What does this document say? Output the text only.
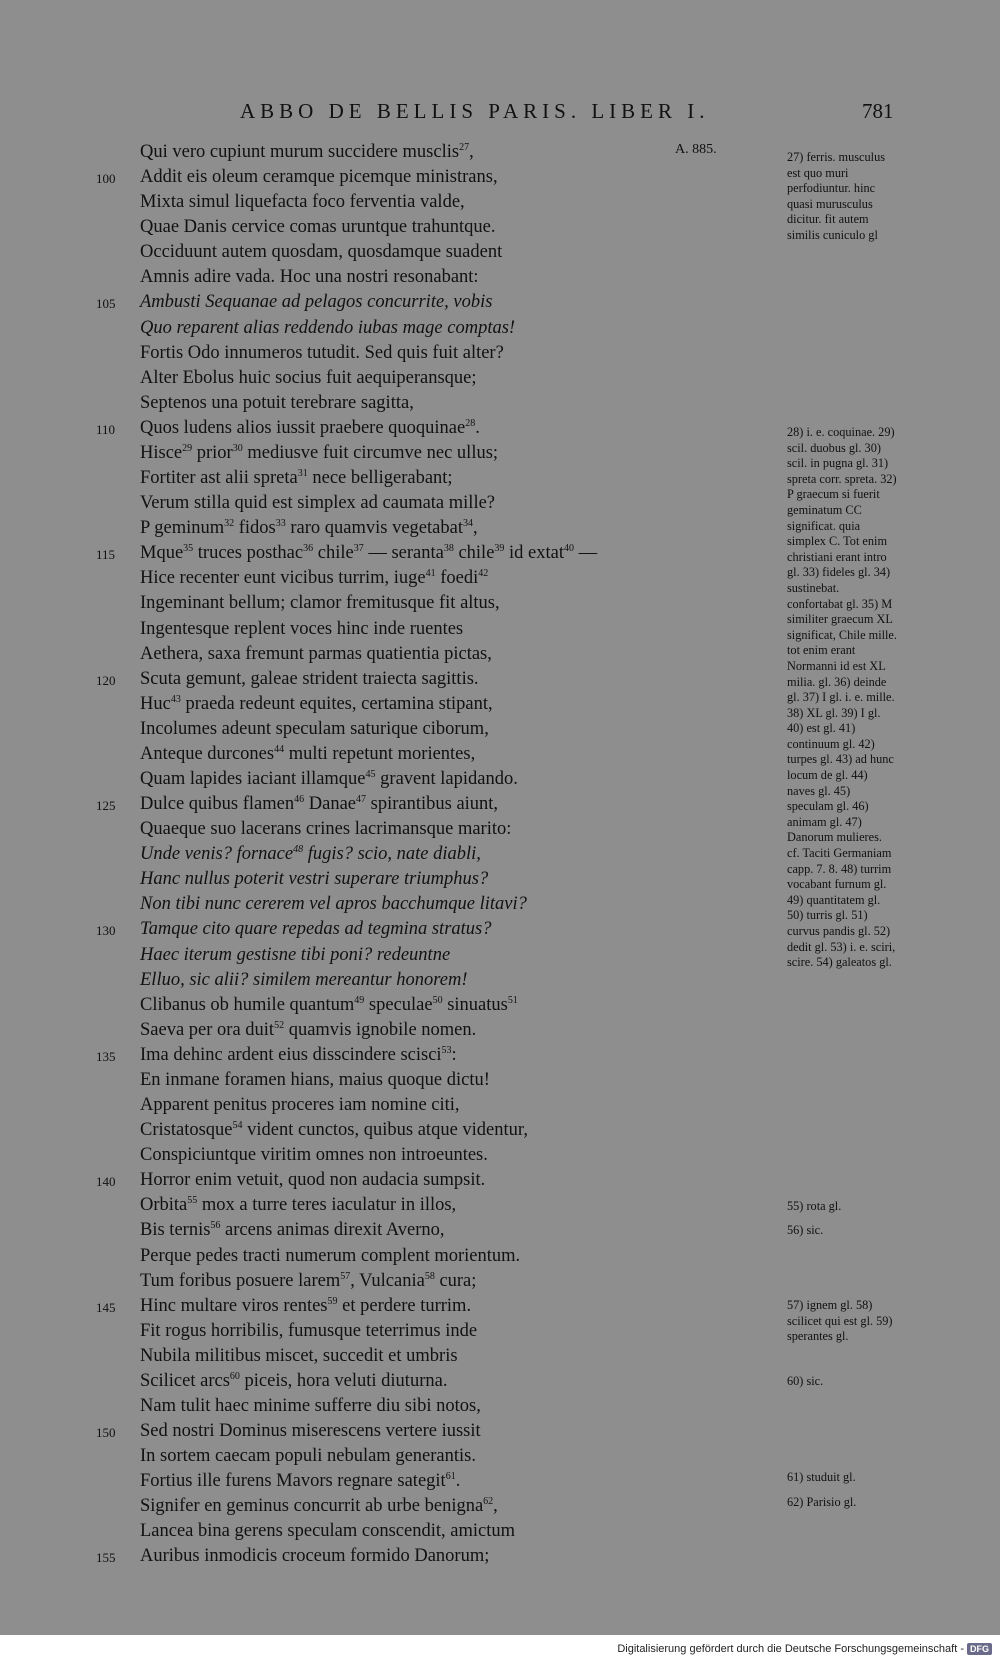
ABBO DE BELLIS PARIS. LIBER I.	781
A. 885.
Qui vero cupiunt murum succidere musclis$^{27}$,
100	Addit eis oleum ceramque picemque ministrans,
Mixta simul liquefacta foco ferventia valde,
Quae Danis cervice comas uruntque trahuntque.
Occiduunt autem quosdam, quosdamque suadent
Amnis adire vada. Hoc una nostri resonabant:
105	Ambusti Sequanae ad pelagos concurrite, vobis
Quo reparent alias reddendo iubas mage comptas!
Fortis Odo innumeros tutudit. Sed quis fuit alter?
Alter Ebolus huic socius fuit aequiperansque;
Septenos una potuit terebrare sagitta,
110	Quos ludens alios iussit praebere quoquinae$^{28}$.
Hisce$^{29}$ prior$^{30}$ mediusve fuit circumve nec ullus;
Fortiter ast alii spreta$^{31}$ nece belligerabant;
Verum stilla quid est simplex ad caumata mille?
P geminum$^{32}$ fidos$^{33}$ raro quamvis vegetabat$^{34}$,
115	Mque$^{35}$ truces posthac$^{36}$ chile$^{37}$ — seranta$^{38}$ chile$^{39}$ id extat$^{40}$ —
Hice recenter eunt vicibus turrim, iuge$^{41}$ foedi$^{42}$
Ingeminant bellum; clamor fremitusque fit altus,
Ingentesque replent voces hinc inde ruentes
Aethera, saxa fremunt parmas quatientia pictas,
120	Scuta gemunt, galeae strident traiecta sagittis.
Huc$^{43}$ praeda redeunt equites, certamina stipant,
Incolumes adeunt speculam saturique ciborum,
Anteque durcones$^{44}$ multi repetunt morientes,
Quam lapides iaciant illamque$^{45}$ gravent lapidando.
125	Dulce quibus flamen$^{46}$ Danae$^{47}$ spirantibus aiunt,
Quaeque suo lacerans crines lacrimansque marito:
Unde venis? fornace$^{48}$ fugis? scio, nate diabli,
Hanc nullus poterit vestri superare triumphus?
Non tibi nunc cererem vel apros bacchumque litavi?
130	Tamque cito quare repedas ad tegmina stratus?
Haec iterum gestisne tibi poni? redeuntne
Elluo, sic alii? similem mereantur honorem!
Clibanus ob humile quantum$^{49}$ speculae$^{50}$ sinuatus$^{51}$
Saeva per ora duit$^{52}$ quamvis ignobile nomen.
135	Ima dehinc ardent eius disscindere scisci$^{53}$:
En inmane foramen hians, maius quoque dictu!
Apparent penitus proceres iam nomine citi,
Cristatosque$^{54}$ vident cunctos, quibus atque videntur,
Conspiciuntque viritim omnes non introeuntes.
140	Horror enim vetuit, quod non audacia sumpsit.
Orbita$^{55}$ mox a turre teres iaculatur in illos,
Bis ternis$^{56}$ arcens animas direxit Averno,
Perque pedes tracti numerum complent morientum.
Tum foribus posuere larem$^{57}$, Vulcania$^{58}$ cura;
145	Hinc multare viros rentes$^{59}$ et perdere turrim.
Fit rogus horribilis, fumusque teterrimus inde
Nubila militibus miscet, succedit et umbris
Scilicet arcs$^{60}$ piceis, hora veluti diuturna.
Nam tulit haec minime sufferre diu sibi notos,
150	Sed nostri Dominus miserescens vertere iussit
In sortem caecam populi nebulam generantis.
Fortius ille furens Mavors regnare sategit$^{61}$.
Signifer en geminus concurrit ab urbe benigna$^{62}$,
Lancea bina gerens speculam conscendit, amictum
155	Auribus inmodicis croceum formido Danorum;
27) ferris. musculus est quo muri perfodiuntur. hinc quasi murusculus dicitur. fit autem similis cuniculo gl
28) i. e. coquinae. 29) scil. duobus gl. 30) scil. in pugna gl. 31) spreta corr. spreta. 32) P graecum si fuerit geminatum CC significat. quia simplex C. Tot enim christiani erant intro gl. 33) fideles gl. 34) sustinebat. confortabat gl. 35) M similiter graecum XL significat, Chile mille. tot enim erant Normanni id est XL milia. gl. 36) deinde gl. 37) I gl. i. e. mille. 38) XL gl. 39) I gl. 40) est gl. 41) continuum gl. 42) turpes gl. 43) ad hunc locum de gl. 44) naves gl. 45) speculam gl. 46) animam gl. 47) Danorum mulieres. cf. Taciti Germaniam capp. 7. 8. 48) turrim vocabant furnum gl. 49) quantitatem gl. 50) turris gl. 51) curvus pandis gl. 52) dedit gl. 53) i. e. sciri, scire. 54) galeatos gl.
55) rota gl.
56) sic.
57) ignem gl. 58) scilicet qui est gl. 59) sperantes gl.
60) sic.
61) studuit gl.
62) Parisio gl.
Digitalisierung gefördert durch die Deutsche Forschungsgemeinschaft - DFG
